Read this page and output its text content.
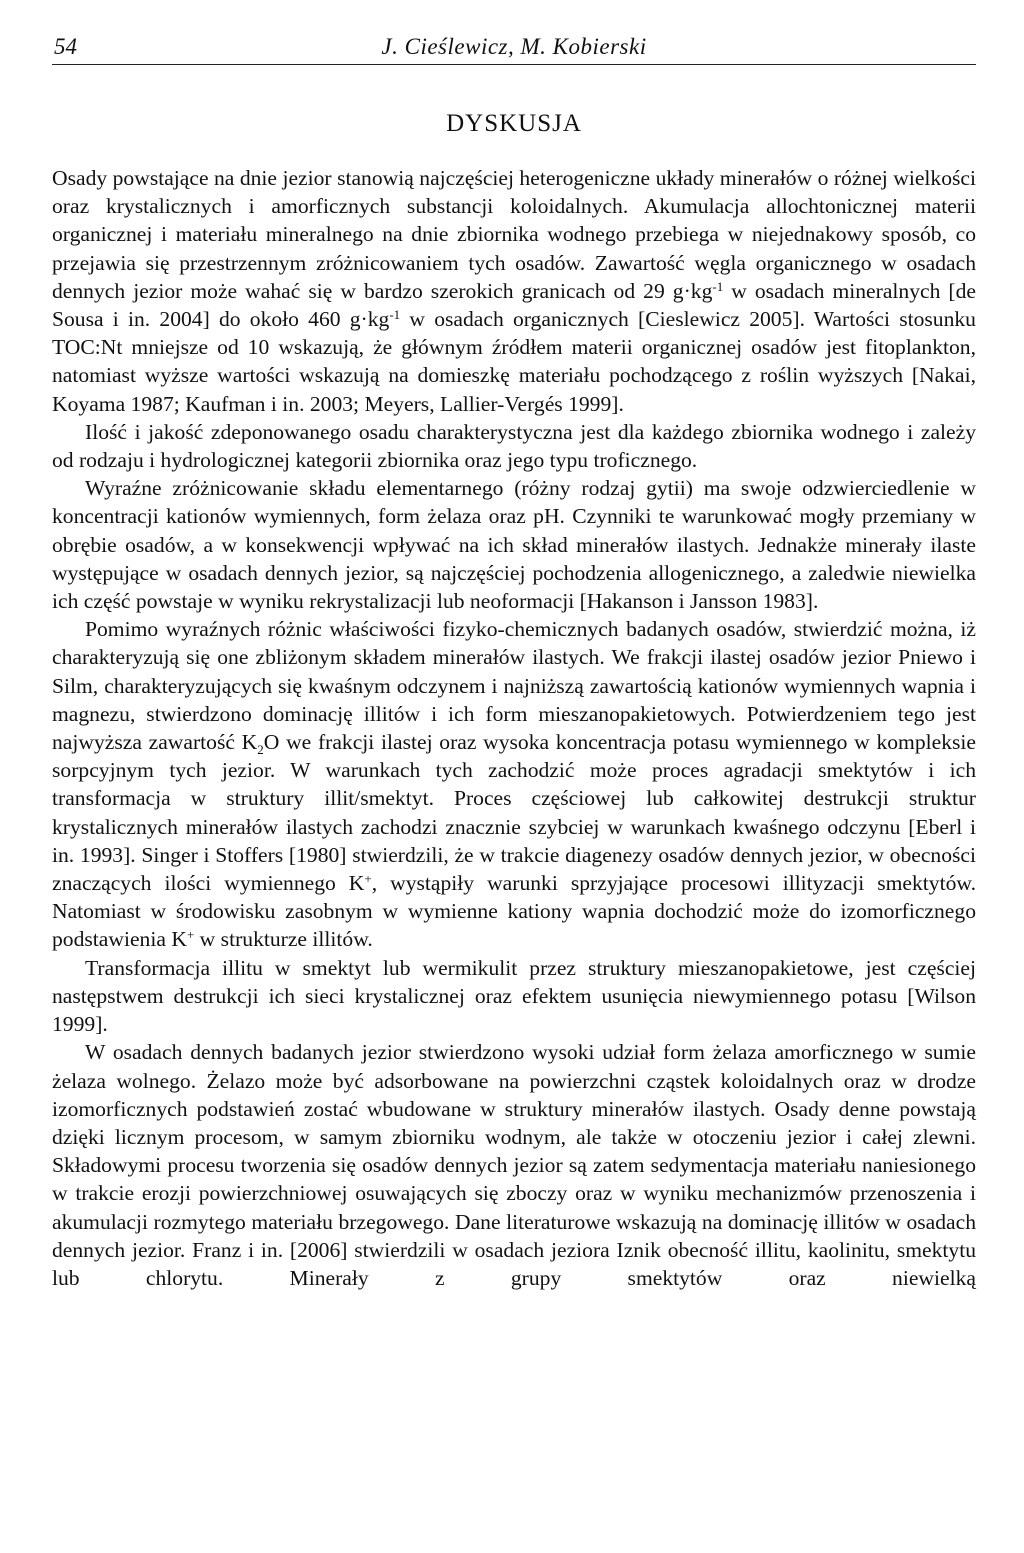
54	J. Cieślewicz, M. Kobierski
DYSKUSJA

Osady powstające na dnie jezior stanowią najczęściej heterogeniczne układy minerałów o różnej wielkości oraz krystalicznych i amorficznych substancji koloidalnych. Akumulacja allochtonicznej materii organicznej i materiału mineralnego na dnie zbiornika wodnego przebiega w niejednakowy sposób, co przejawia się przestrzennym zróżnicowaniem tych osadów. Zawartość węgla organicznego w osadach dennych jezior może wahać się w bardzo szerokich granicach od 29 $g\cdot kg^{-1}$ w osadach mineralnych [de Sousa i in. 2004] do około 460 $g\cdot kg^{-1}$ w osadach organicznych [Cieslewicz 2005]. Wartości stosunku TOC:Nt mniejsze od 10 wskazują, że głównym źródłem materii organicznej osadów jest fitoplankton, natomiast wyższe wartości wskazują na domieszkę materiału pochodzącego z roślin wyższych [Nakai, Koyama 1987; Kaufman i in. 2003; Meyers, Lallier-Vergés 1999].

Ilość i jakość zdeponowanego osadu charakterystyczna jest dla każdego zbiornika wodnego i zależy od rodzaju i hydrologicznej kategorii zbiornika oraz jego typu troficznego.

Wyraźne zróżnicowanie składu elementarnego (różny rodzaj gytii) ma swoje odzwierciedlenie w koncentracji kationów wymiennych, form żelaza oraz pH. Czynniki te warunkować mogły przemiany w obrębie osadów, a w konsekwencji wpływać na ich skład minerałów ilastych. Jednakże minerały ilaste występujące w osadach dennych jezior, są najczęściej pochodzenia allogenicznego, a zaledwie niewielka ich część powstaje w wyniku rekrystalizacji lub neoformacji [Hakanson i Jansson 1983].

Pomimo wyraźnych różnic właściwości fizyko-chemicznych badanych osadów, stwierdzić można, iż charakteryzują się one zbliżonym składem minerałów ilastych. We frakcji ilastej osadów jezior Pniewo i Silm, charakteryzujących się kwaśnym odczynem i najniższą zawartością kationów wymiennych wapnia i magnezu, stwierdzono dominację illitów i ich form mieszanopakietowych. Potwierdzeniem tego jest najwyższa zawartość $K_2O$ we frakcji ilastej oraz wysoka koncentracja potasu wymiennego w kompleksie sorpcyjnym tych jezior. W warunkach tych zachodzić może proces agradacji smektytów i ich transformacja w struktury illit/smektyt. Proces częściowej lub całkowitej destrukcji struktur krystalicznych minerałów ilastych zachodzi znacznie szybciej w warunkach kwaśnego odczynu [Eberl i in. 1993]. Singer i Stoffers [1980] stwierdzili, że w trakcie diagenezy osadów dennych jezior, w obecności znaczących ilości wymiennego K+, wystąpiły warunki sprzyjające procesowi illityzacji smektytów. Natomiast w środowisku zasobnym w wymienne kationy wapnia dochodzić może do izomorficznego podstawienia K+ w strukturze illitów.

Transformacja illitu w smektyt lub wermikulit przez struktury mieszanopakietowe, jest częściej następstwem destrukcji ich sieci krystalicznej oraz efektem usunięcia niewymiennego potasu [Wilson 1999].

W osadach dennych badanych jezior stwierdzono wysoki udział form żelaza amorficznego w sumie żelaza wolnego. Żelazo może być adsorbowane na powierzchni cząstek koloidalnych oraz w drodze izomorficznych podstawień zostać wbudowane w struktury minerałów ilastych. Osady denne powstają dzięki licznym procesom, w samym zbiorniku wodnym, ale także w otoczeniu jezior i całej zlewni. Składowymi procesu tworzenia się osadów dennych jezior są zatem sedymentacja materiału naniesionego w trakcie erozji powierzchniowej osuwających się zboczy oraz w wyniku mechanizmów przenoszenia i akumulacji rozmytego materiału brzegowego. Dane literaturowe wskazują na dominację illitów w osadach dennych jezior. Franz i in. [2006] stwierdzili w osadach jeziora Iznik obecność illitu, kaolinitu, smektytu lub chlorytu. Minerały z grupy smektytów oraz niewielką
